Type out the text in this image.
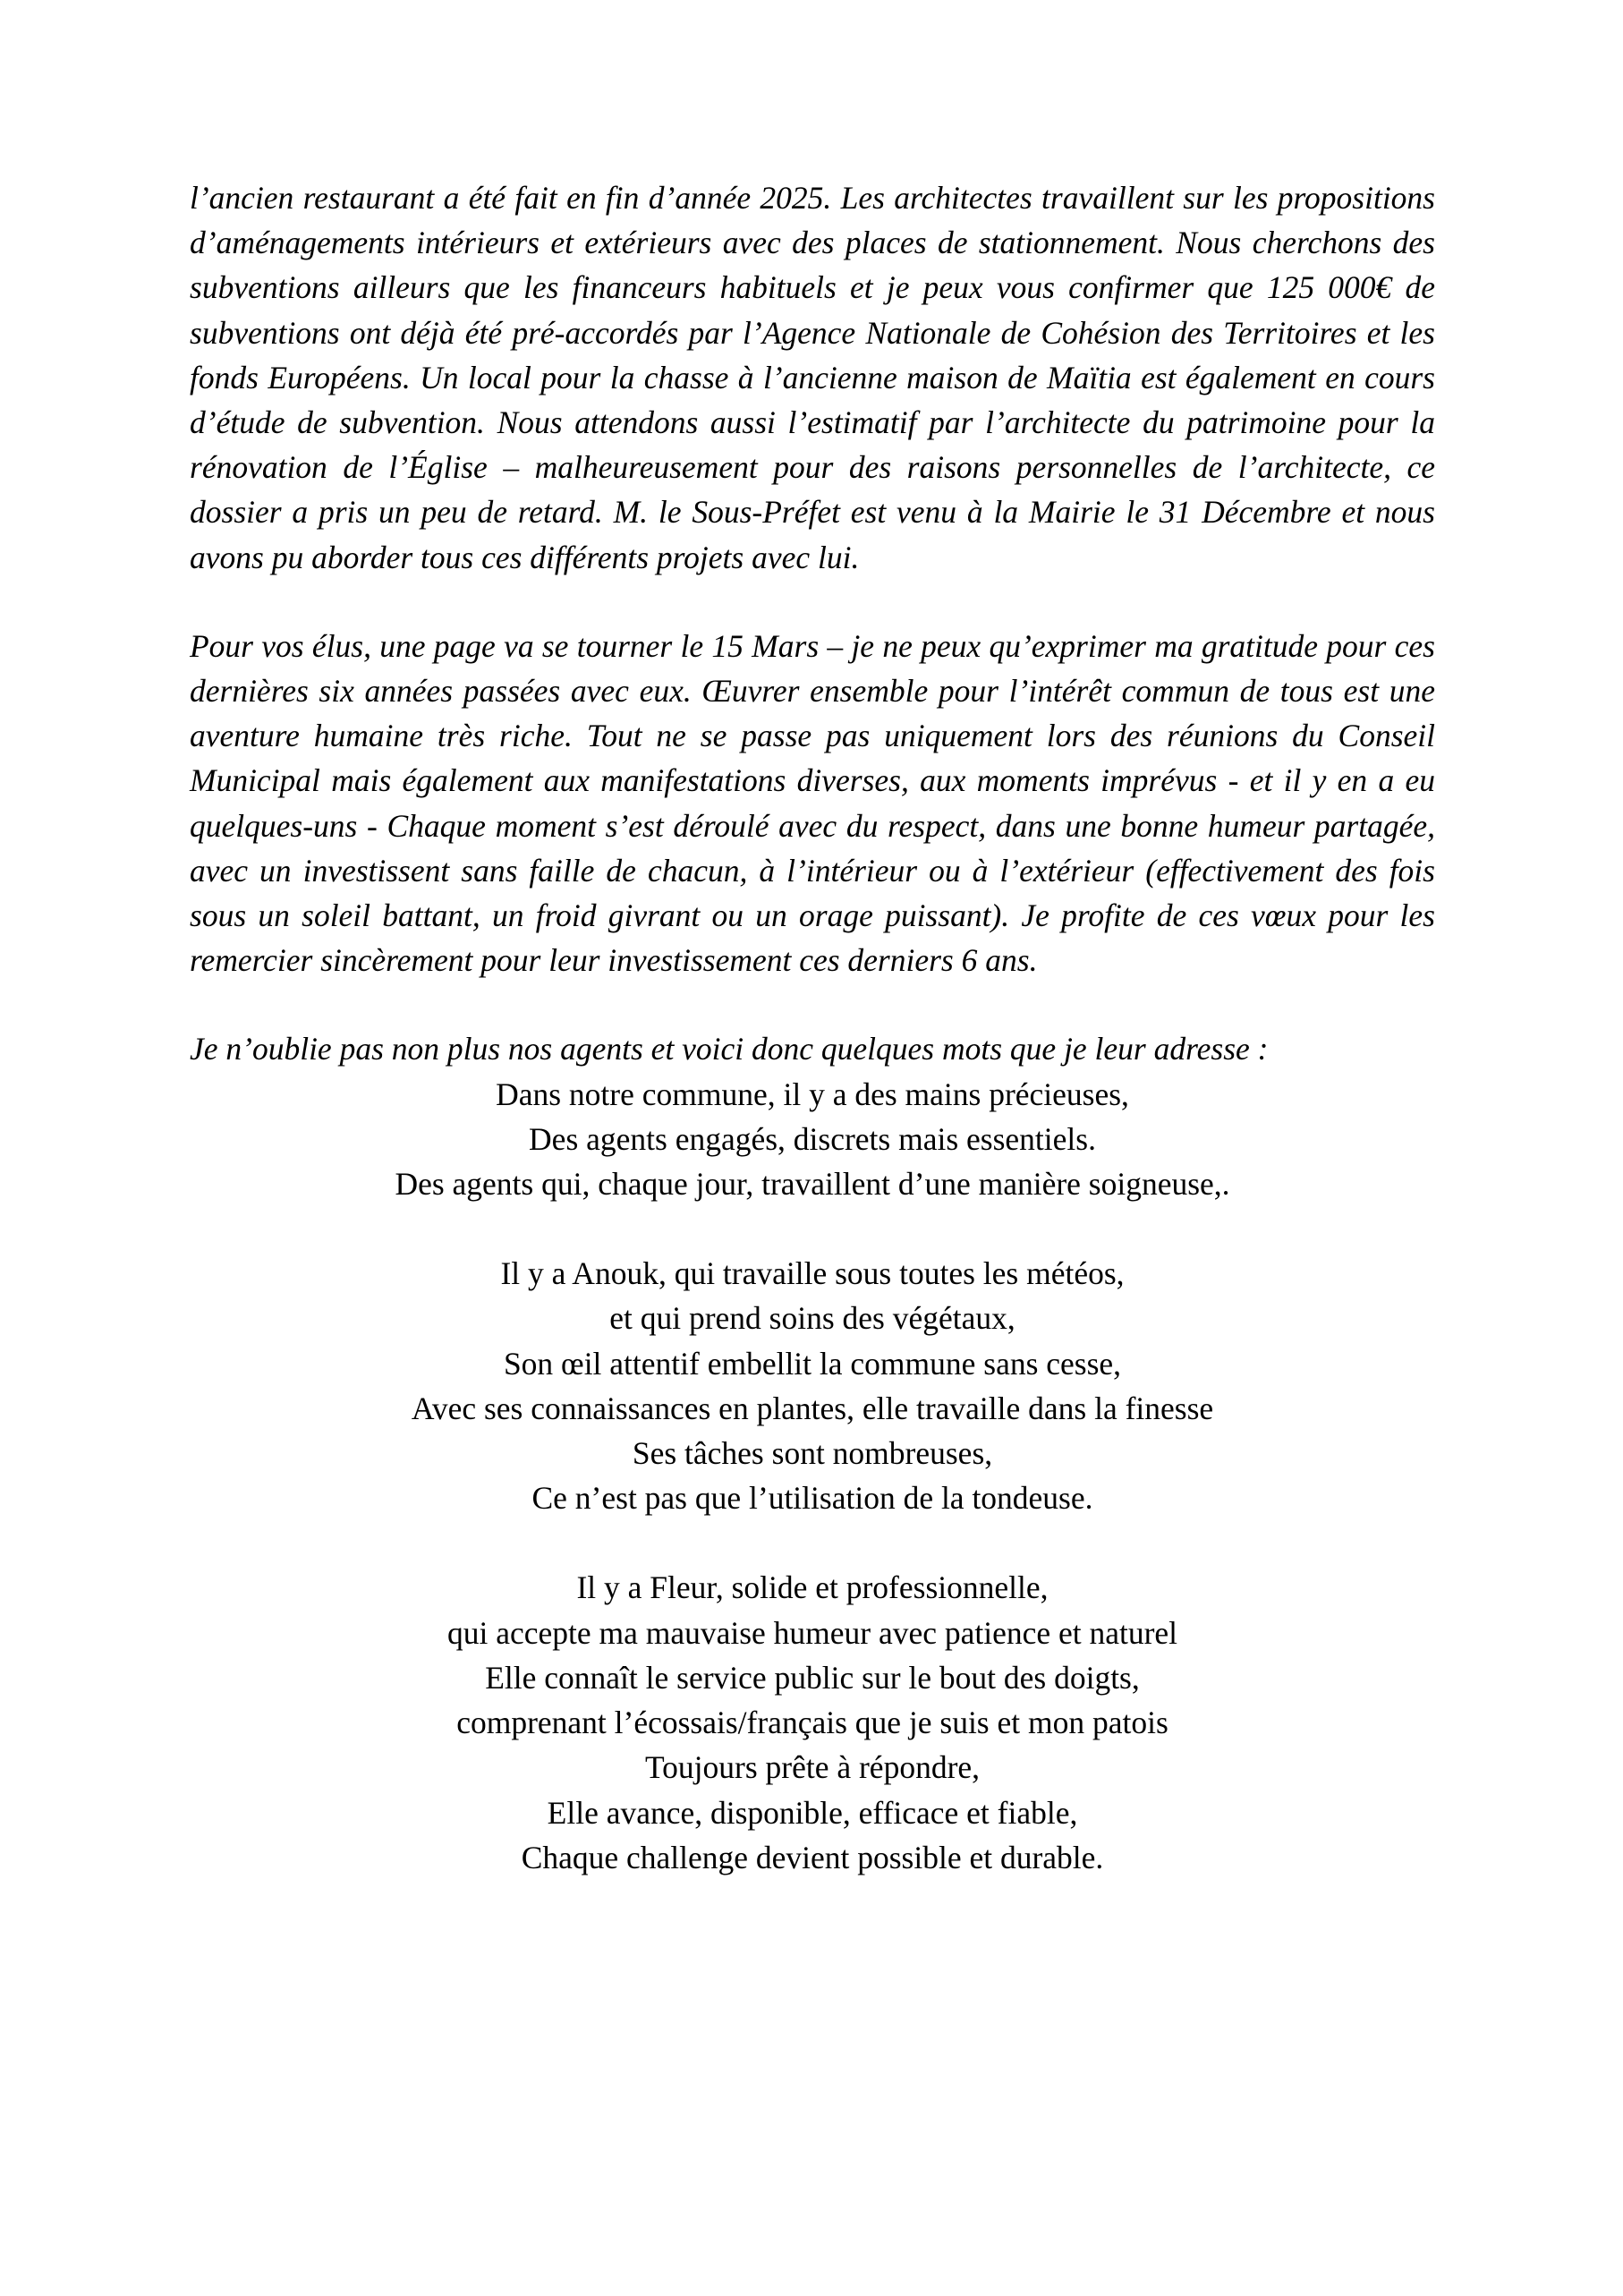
l’ancien restaurant a été fait en fin d’année 2025. Les architectes travaillent sur les propositions d’aménagements intérieurs et extérieurs avec des places de stationnement. Nous cherchons des subventions ailleurs que les financeurs habituels et je peux vous confirmer que 125 000€ de subventions ont déjà été pré-accordés par l’Agence Nationale de Cohésion des Territoires et les fonds Européens. Un local pour la chasse à l’ancienne maison de Maïtia est également en cours d’étude de subvention. Nous attendons aussi l’estimatif par l’architecte du patrimoine pour la rénovation de l’Église – malheureusement pour des raisons personnelles de l’architecte, ce dossier a pris un peu de retard. M. le Sous-Préfet est venu à la Mairie le 31 Décembre et nous avons pu aborder tous ces différents projets avec lui.

Pour vos élus, une page va se tourner le 15 Mars – je ne peux qu’exprimer ma gratitude pour ces dernières six années passées avec eux. Œuvrer ensemble pour l’intérêt commun de tous est une aventure humaine très riche. Tout ne se passe pas uniquement lors des réunions du Conseil Municipal mais également aux manifestations diverses, aux moments imprévus - et il y en a eu quelques-uns - Chaque moment s’est déroulé avec du respect, dans une bonne humeur partagée, avec un investissent sans faille de chacun, à l’intérieur ou à l’extérieur (effectivement des fois sous un soleil battant, un froid givrant ou un orage puissant). Je profite de ces vœux pour les remercier sincèrement pour leur investissement ces derniers 6 ans.

Je n’oublie pas non plus nos agents et voici donc quelques mots que je leur adresse :

Dans notre commune, il y a des mains précieuses,
Des agents engagés, discrets mais essentiels.
Des agents qui, chaque jour, travaillent d’une manière soigneuse,.
Il y a Anouk, qui travaille sous toutes les météos,
et qui prend soins des végétaux,
Son œil attentif embellit la commune sans cesse,
Avec ses connaissances en plantes, elle travaille dans la finesse
Ses tâches sont nombreuses,
Ce n’est pas que l’utilisation de la tondeuse.
Il y a Fleur, solide et professionnelle,
qui accepte ma mauvaise humeur avec patience et naturel
Elle connaît le service public sur le bout des doigts,
comprenant l’écossais/français que je suis et mon patois
Toujours prête à répondre,
Elle avance, disponible, efficace et fiable,
Chaque challenge devient possible et durable.
